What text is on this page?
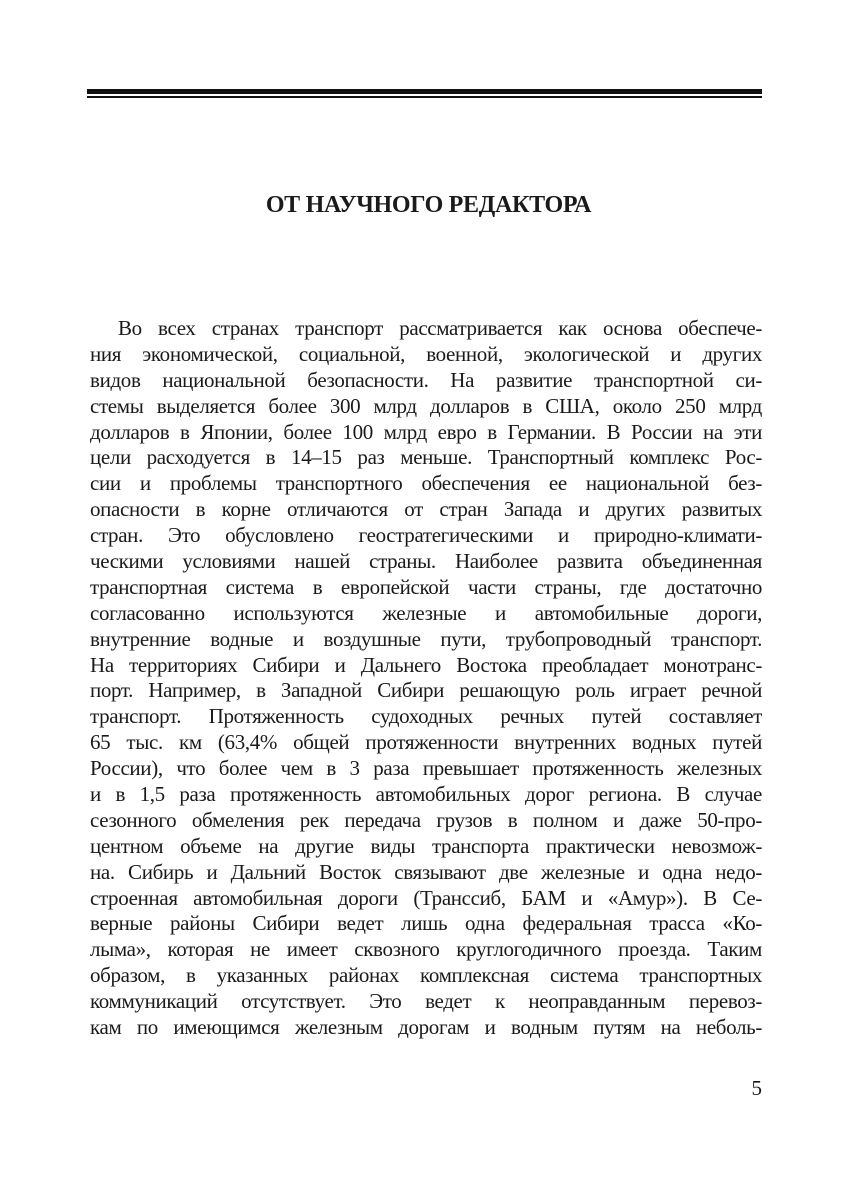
ОТ НАУЧНОГО РЕДАКТОРА
Во всех странах транспорт рассматривается как основа обеспече-
ния экономической, социальной, военной, экологической и других
видов национальной безопасности. На развитие транспортной си-
стемы выделяется более 300 млрд долларов в США, около 250 млрд
долларов в Японии, более 100 млрд евро в Германии. В России на эти
цели расходуется в 14–15 раз меньше. Транспортный комплекс Рос-
сии и проблемы транспортного обеспечения ее национальной без-
опасности в корне отличаются от стран Запада и других развитых
стран. Это обусловлено геостратегическими и природно-климати-
ческими условиями нашей страны. Наиболее развита объединенная
транспортная система в европейской части страны, где достаточно
согласованно используются железные и автомобильные дороги,
внутренние водные и воздушные пути, трубопроводный транспорт.
На территориях Сибири и Дальнего Востока преобладает монотранс-
порт. Например, в Западной Сибири решающую роль играет речной
транспорт. Протяженность судоходных речных путей составляет
65 тыс. км (63,4% общей протяженности внутренних водных путей
России), что более чем в 3 раза превышает протяженность железных
и в 1,5 раза протяженность автомобильных дорог региона. В случае
сезонного обмеления рек передача грузов в полном и даже 50-про-
центном объеме на другие виды транспорта практически невозмож-
на. Сибирь и Дальний Восток связывают две железные и одна недо-
строенная автомобильная дороги (Транссиб, БАМ и «Амур»). В Се-
верные районы Сибири ведет лишь одна федеральная трасса «Ко-
лыма», которая не имеет сквозного круглогодичного проезда. Таким
образом, в указанных районах комплексная система транспортных
коммуникаций отсутствует. Это ведет к неоправданным перевоз-
кам по имеющимся железным дорогам и водным путям на неболь-
5
